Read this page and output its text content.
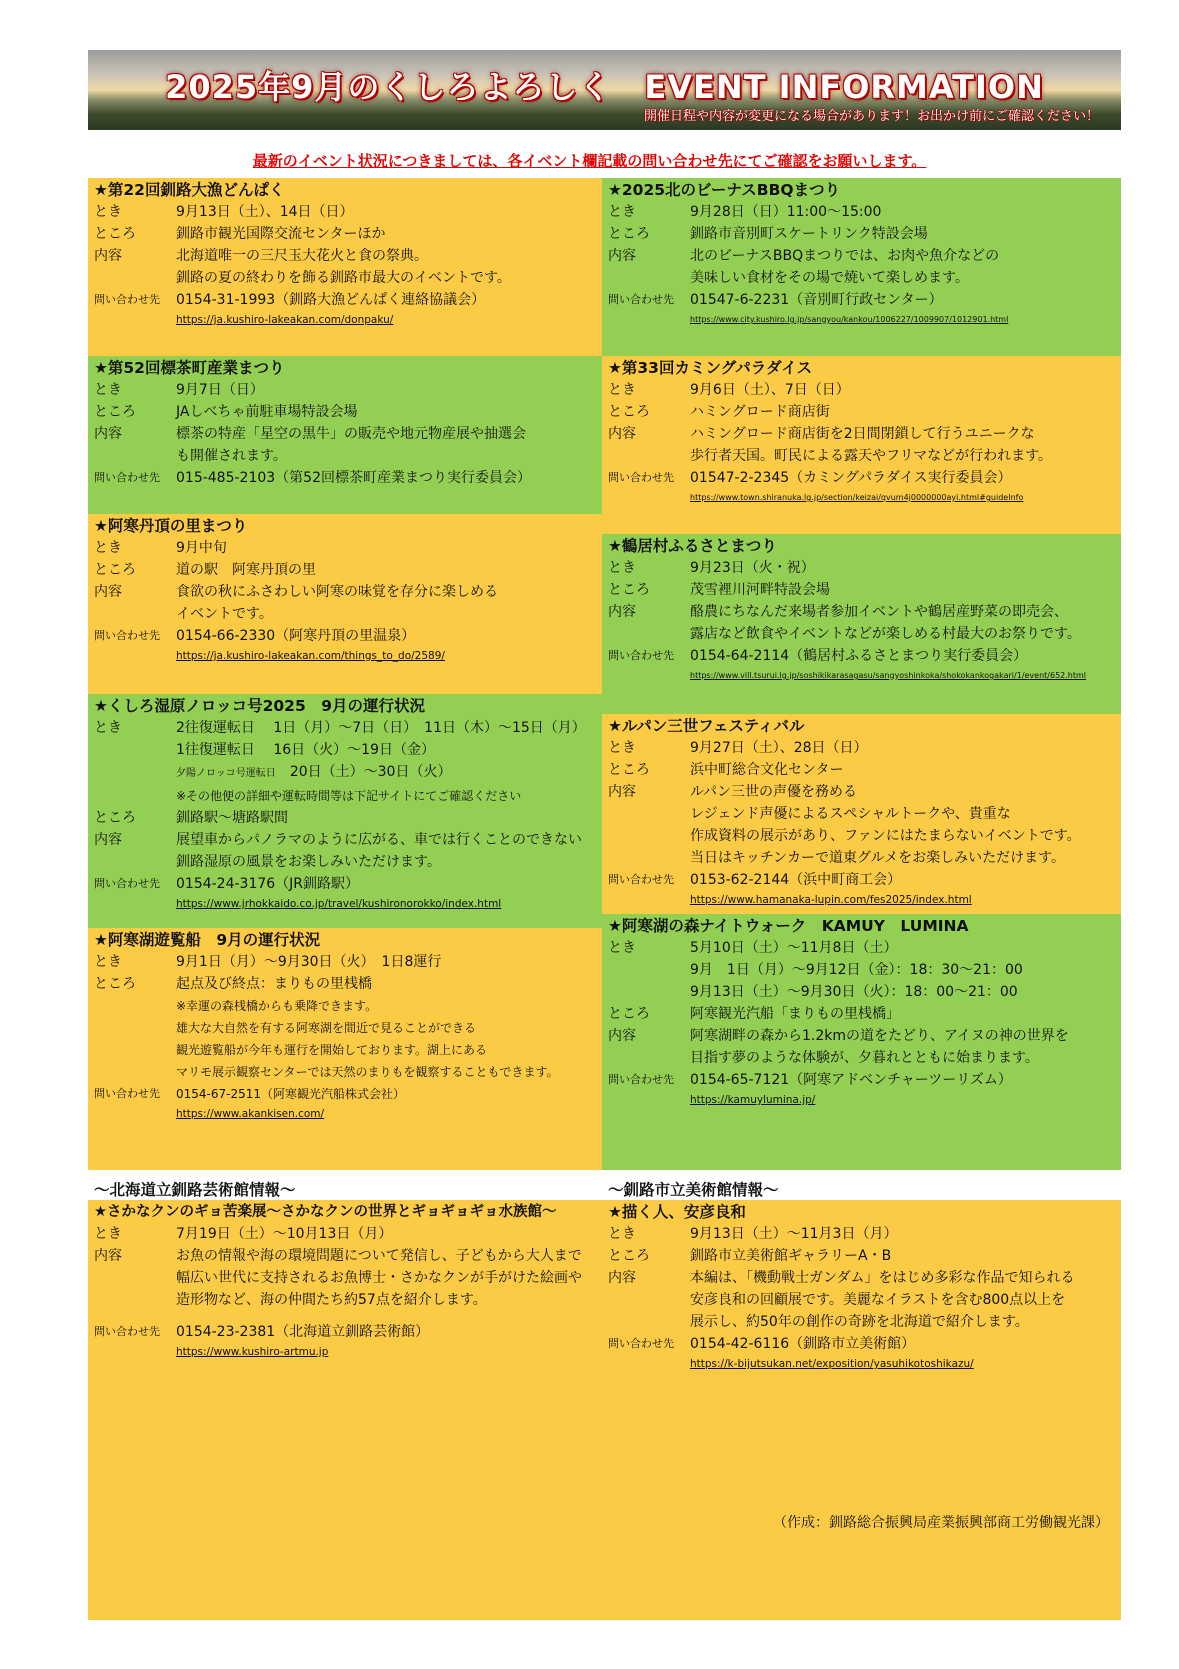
2025年9月のくしろよろしく　EVENT INFORMATION
開催日程や内容が変更になる場合があります！お出かけ前にご確認ください！
最新のイベント状況につきましては、各イベント欄記載の問い合わせ先にてご確認をお願いします。
★第22回釧路大漁どんぱく
とき	9月13日（土）、14日（日）
ところ	釧路市観光国際交流センターほか
内容	北海道唯一の三尺玉大花火と食の祭典。
釧路の夏の終わりを飾る釧路市最大のイベントです。
問い合わせ先	0154-31-1993（釧路大漁どんぱく連絡協議会）
https://ja.kushiro-lakeakan.com/donpaku/
★2025北のビーナスBBQまつり
とき	9月28日（日）11:00～15:00
ところ	釧路市音別町スケートリンク特設会場
内容	北のビーナスBBQまつりでは、お肉や魚介などの
美味しい食材をその場で焼いて楽しめます。
問い合わせ先	01547-6-2231（音別町行政センター）
https://www.city.kushiro.lg.jp/sangyou/kankou/1006227/1009907/1012901.html
★第52回標茶町産業まつり
とき	9月7日（日）
ところ	JAしべちゃ前駐車場特設会場
内容	標茶の特産「星空の黒牛」の販売や地元物産展や抽選会
も開催されます。
問い合わせ先	015-485-2103（第52回標茶町産業まつり実行委員会）
★第33回カミングパラダイス
とき	9月6日（土）、7日（日）
ところ	ハミングロード商店街
内容	ハミングロード商店街を2日間閉鎖して行うユニークな
歩行者天国。町民による露天やフリマなどが行われます。
問い合わせ先	01547-2-2345（カミングパラダイス実行委員会）
https://www.town.shiranuka.lg.jp/section/keizai/qvum4j0000000ayi.html#guideInfo
★阿寒丹頂の里まつり
とき	9月中旬
ところ	道の駅　阿寒丹頂の里
内容	食欲の秋にふさわしい阿寒の味覚を存分に楽しめる
イベントです。
問い合わせ先	0154-66-2330（阿寒丹頂の里温泉）
https://ja.kushiro-lakeakan.com/things_to_do/2589/
★鶴居村ふるさとまつり
とき	9月23日（火・祝）
ところ	茂雪裡川河畔特設会場
内容	酪農にちなんだ来場者参加イベントや鶴居産野菜の即売会、
露店など飲食やイベントなどが楽しめる村最大のお祭りです。
問い合わせ先	0154-64-2114（鶴居村ふるさとまつり実行委員会）
https://www.vill.tsurui.lg.jp/soshikikarasagasu/sangyoshinkoka/shokokankogakari/1/event/652.html
★くしろ湿原ノロッコ号2025　9月の運行状況
とき	2往復運転日　 1日（月）～7日（日）　11日（木）～15日（月）
1往復運転日　 16日（火）～19日（金）
夕陽ノロッコ号運転日　 20日（土）～30日（火）
※その他便の詳細や運転時間等は下記サイトにてご確認ください
ところ	釧路駅～塘路駅間
内容	展望車からパノラマのように広がる、車では行くことのできない
釧路湿原の風景をお楽しみいただけます。
問い合わせ先	0154-24-3176（JR釧路駅）
https://www.jrhokkaido.co.jp/travel/kushironorokko/index.html
★ルパン三世フェスティバル
とき	9月27日（土）、28日（日）
ところ	浜中町総合文化センター
内容	ルパン三世の声優を務める
レジェンド声優によるスペシャルトークや、貴重な
作成資料の展示があり、ファンにはたまらないイベントです。
当日はキッチンカーで道東グルメをお楽しみいただけます。
問い合わせ先	0153-62-2144（浜中町商工会）
https://www.hamanaka-lupin.com/fes2025/index.html
★阿寒湖遊覧船　9月の運行状況
とき	9月1日（月）～9月30日（火）　1日8運行
ところ	起点及び終点：まりもの里桟橋
※幸運の森桟橋からも乗降できます。
雄大な大自然を有する阿寒湖を間近で見ることができる
観光遊覧船が今年も運行を開始しております。湖上にある
マリモ展示観察センターでは天然のまりもを観察することもできます。
問い合わせ先	0154-67-2511（阿寒観光汽船株式会社）
https://www.akankisen.com/
★阿寒湖の森ナイトウォーク　KAMUY　LUMINA
とき	5月10日（土）～11月8日（土）
9月　1日（月）～9月12日（金）：18：30～21：00
9月13日（土）～9月30日（火）：18：00～21：00
ところ	阿寒観光汽船「まりもの里桟橋」
内容	阿寒湖畔の森から1.2kmの道をたどり、アイヌの神の世界を
目指す夢のような体験が、夕暮れとともに始まります。
問い合わせ先	0154-65-7121（阿寒アドベンチャーツーリズム）
https://kamuylumina.jp/
～北海道立釧路芸術館情報～	～釧路市立美術館情報～
★さかなクンのギョ苦楽展～さかなクンの世界とギョギョギョ水族館～
とき	7月19日（土）～10月13日（月）
内容	お魚の情報や海の環境問題について発信し、子どもから大人まで
幅広い世代に支持されるお魚博士・さかなクンが手がけた絵画や
造形物など、海の仲間たち約57点を紹介します。
問い合わせ先	0154-23-2381（北海道立釧路芸術館）
https://www.kushiro-artmu.jp
★描く人、安彦良和
とき	9月13日（土）～11月3日（月）
ところ	釧路市立美術館ギャラリーA・B
内容	本編は、「機動戦士ガンダム」をはじめ多彩な作品で知られる
安彦良和の回顧展です。美麗なイラストを含む800点以上を
展示し、約50年の創作の奇跡を北海道で紹介します。
問い合わせ先	0154-42-6116（釧路市立美術館）
https://k-bijutsukan.net/exposition/yasuhikotoshikazu/
（作成：釧路総合振興局産業振興部商工労働観光課）
